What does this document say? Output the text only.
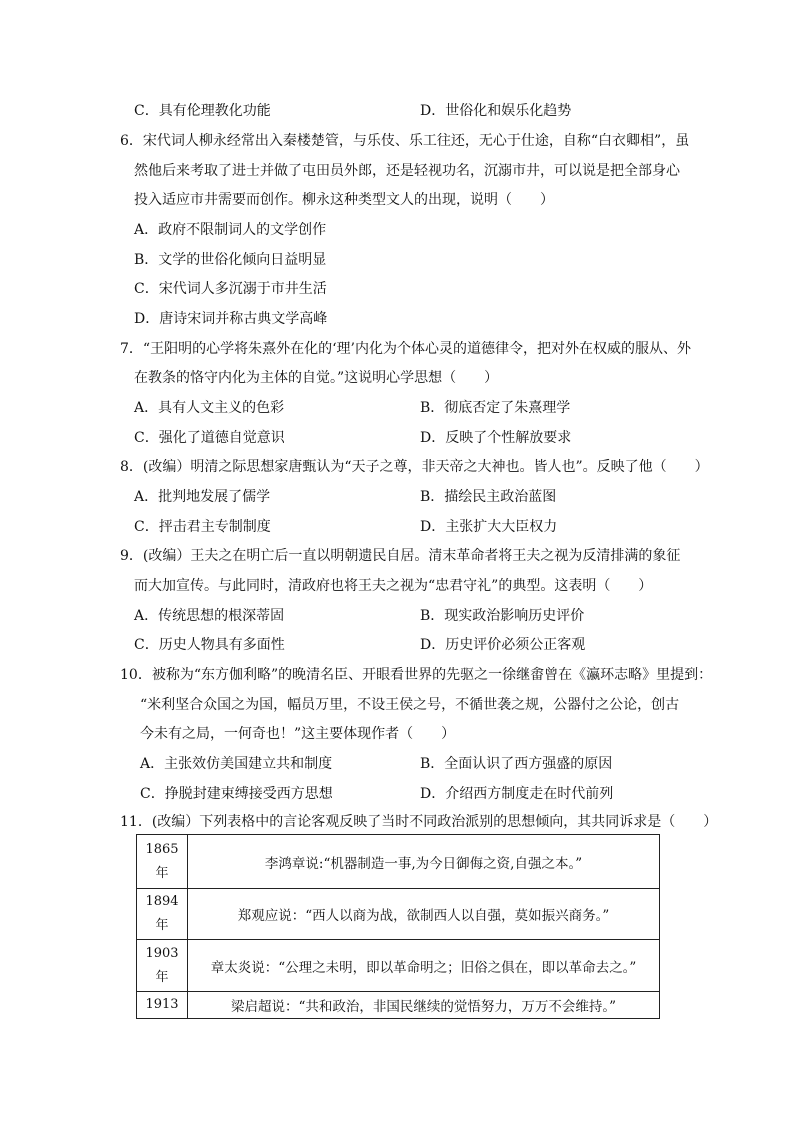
C．具有伦理教化功能	D．世俗化和娱乐化趋势
6．宋代词人柳永经常出入秦楼楚管，与乐伎、乐工往还，无心于仕途，自称“白衣卿相”，虽
然他后来考取了进士并做了屯田员外郎，还是轻视功名，沉溺市井，可以说是把全部身心
投入适应市井需要而创作。柳永这种类型文人的出现，说明（　　）
A．政府不限制词人的文学创作
B．文学的世俗化倾向日益明显
C．宋代词人多沉溺于市井生活
D．唐诗宋词并称古典文学高峰
7．“王阳明的心学将朱熹外在化的‘理’内化为个体心灵的道德律令，把对外在权威的服从、外
在教条的恪守内化为主体的自觉。”这说明心学思想（　　）
A．具有人文主义的色彩	B．彻底否定了朱熹理学
C．强化了道德自觉意识	D．反映了个性解放要求
8．(改编）明清之际思想家唐甄认为“天子之尊，非天帝之大神也。皆人也”。反映了他（　　）
A．批判地发展了儒学	B．描绘民主政治蓝图
C．抨击君主专制制度	D．主张扩大大臣权力
9．(改编）王夫之在明亡后一直以明朝遗民自居。清末革命者将王夫之视为反清排满的象征
而大加宣传。与此同时，清政府也将王夫之视为“忠君守礼”的典型。这表明（　　）
A．传统思想的根深蒂固	B．现实政治影响历史评价
C．历史人物具有多面性	D．历史评价必须公正客观
10．被称为“东方伽利略”的晚清名臣、开眼看世界的先驱之一徐继畬曾在《瀛环志略》里提到：
“米利坚合众国之为国，幅员万里，不设王侯之号，不循世袭之规，公器付之公论，创古
今未有之局，一何奇也！”这主要体现作者（　　）
A．主张效仿美国建立共和制度	B．全面认识了西方强盛的原因
C．挣脱封建束缚接受西方思想	D．介绍西方制度走在时代前列
11．(改编）下列表格中的言论客观反映了当时不同政治派别的思想倾向，其共同诉求是（　　）
1865
年	李鸿章说:“机器制造一事,为今日御侮之资,自强之本。”
1894
年	郑观应说：“西人以商为战，欲制西人以自强，莫如振兴商务。”
1903
年	章太炎说：“公理之未明，即以革命明之；旧俗之俱在，即以革命去之。”
1913	梁启超说：“共和政治，非国民继续的觉悟努力，万万不会维持。”
